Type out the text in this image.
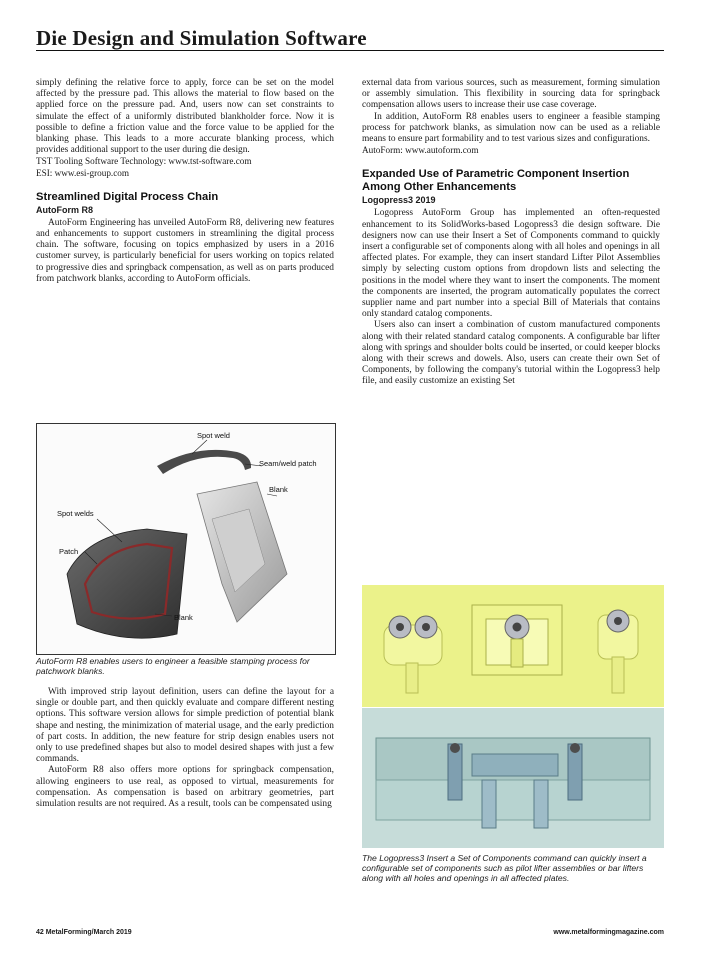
Die Design and Simulation Software

simply defining the relative force to apply, force can be set on the model affected by the pressure pad. This allows the material to flow based on the applied force on the pressure pad. And, users now can set constraints to simulate the effect of a uniformly distributed blankholder force. Now it is possible to define a friction value and the force value to be applied for the blanking phase. This leads to a more accurate blanking process, which provides additional support to the user during die design.

TST Tooling Software Technology: www.tst-software.com

ESI: www.esi-group.com

Streamlined Digital Process Chain
AutoForm R8

AutoForm Engineering has unveiled AutoForm R8, delivering new features and enhancements to support customers in streamlining the digital process chain. The software, focusing on topics emphasized by users in a 2016 customer survey, is particularly beneficial for users working on topics related to progressive dies and springback compensation, as well as on parts produced from patchwork blanks, according to AutoForm officials.

Spot weld
Seam/weld patch
Blank
Spot welds
Patch
Blank
AutoForm R8 enables users to engineer a feasible stamping process for patchwork blanks.

With improved strip layout definition, users can define the layout for a single or double part, and then quickly evaluate and compare different nesting options. This software version allows for simple prediction of potential blank shape and nesting, the minimization of material usage, and the early prediction of part costs. In addition, the new feature for strip design enables users not only to use predefined shapes but also to model desired shapes with just a few commands.

AutoForm R8 also offers more options for springback compensation, allowing engineers to use real, as opposed to virtual, measurements for compensation. As compensation is based on arbitrary geometries, part simulation results are not required. As a result, tools can be compensated using

external data from various sources, such as measurement, forming simulation or assembly simulation. This flexibility in sourcing data for springback compensation allows users to increase their use case coverage.

In addition, AutoForm R8 enables users to engineer a feasible stamping process for patchwork blanks, as simulation now can be used as a reliable means to ensure part formability and to test various sizes and configurations.

AutoForm: www.autoform.com

Expanded Use of Parametric Component Insertion Among Other Enhancements
Logopress3 2019

Logopress AutoForm Group has implemented an often-requested enhancement to its SolidWorks-based Logopress3 die design software. Die designers now can use their Insert a Set of Components command to quickly insert a configurable set of components along with all holes and openings in all affected plates. For example, they can insert standard Lifter Pilot Assemblies simply by selecting custom options from dropdown lists and selecting the positions in the model where they want to insert the components. The moment the components are inserted, the program automatically populates the correct supplier name and part number into a special Bill of Materials that contains only standard catalog components.

Users also can insert a combination of custom manufactured components along with their related standard catalog components. A configurable bar lifter along with springs and shoulder bolts could be inserted, or could keeper blocks along with their screws and dowels. Also, users can create their own Set of Components, by following the company's tutorial within the Logopress3 help file, and easily customize an existing Set

The Logopress3 Insert a Set of Components command can quickly insert a configurable set of components such as pilot lifter assemblies or bar lifters along with all holes and openings in all affected plates.
42 MetalForming/March 2019	www.metalformingmagazine.com
